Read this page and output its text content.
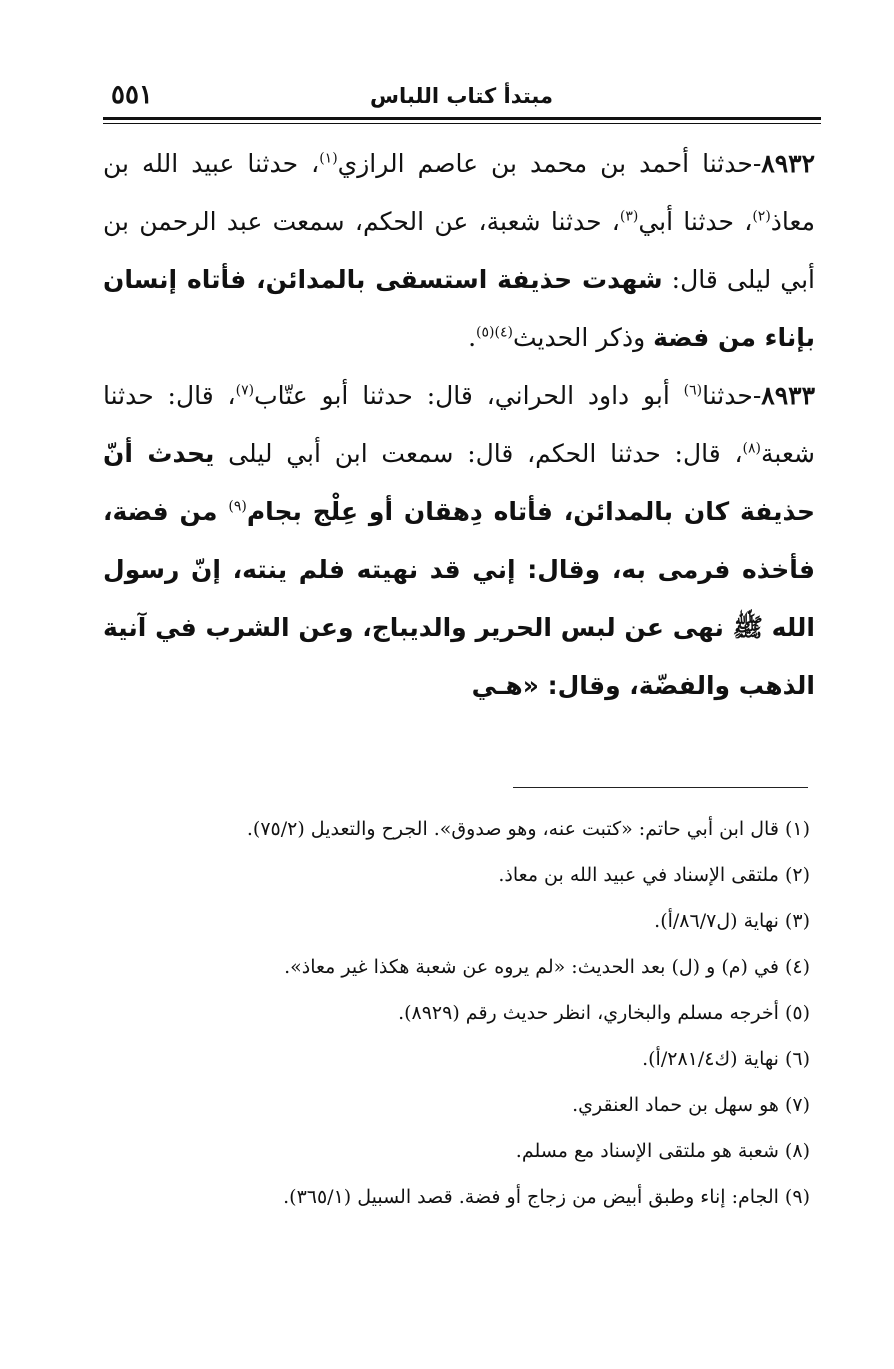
٥٥١	مبتدأ كتاب اللباس

٨٩٣٢-حدثنا أحمد بن محمد بن عاصم الرازي$^{(١)}$، حدثنا عبيد الله بن معاذ$^{(٢)}$، حدثنا أبي$^{(٣)}$، حدثنا شعبة، عن الحكم، سمعت عبد الرحمن بن أبي ليلى قال: شهدت حذيفة استسقى بالمدائن، فأتاه إنسان بإناء من فضة وذكر الحديث$^{(٤)(٥)}$.

٨٩٣٣-حدثنا$^{(٦)}$ أبو داود الحراني، قال: حدثنا أبو عتّاب$^{(٧)}$، قال: حدثنا شعبة$^{(٨)}$، قال: حدثنا الحكم، قال: سمعت ابن أبي ليلى يحدث أنّ حذيفة كان بالمدائن، فأتاه دِهقان أو عِلْج بجام$^{(٩)}$ من فضة، فأخذه فرمى به، وقال: إني قد نهيته فلم ينته، إنّ رسول الله ﷺ نهى عن لبس الحرير والديباج، وعن الشرب في آنية الذهب والفضّة، وقال: «هـي

(١) قال ابن أبي حاتم: «كتبت عنه، وهو صدوق». الجرح والتعديل (٧٥/٢).
(٢) ملتقى الإسناد في عبيد الله بن معاذ.
(٣) نهاية (ل٨٦/٧/أ).
(٤) في (م) و (ل) بعد الحديث: «لم يروه عن شعبة هكذا غير معاذ».
(٥) أخرجه مسلم والبخاري، انظر حديث رقم (٨٩٢٩).
(٦) نهاية (ك٢٨١/٤/أ).
(٧) هو سهل بن حماد العنقري.
(٨) شعبة هو ملتقى الإسناد مع مسلم.
(٩) الجام: إناء وطبق أبيض من زجاج أو فضة. قصد السبيل (٣٦٥/١).
